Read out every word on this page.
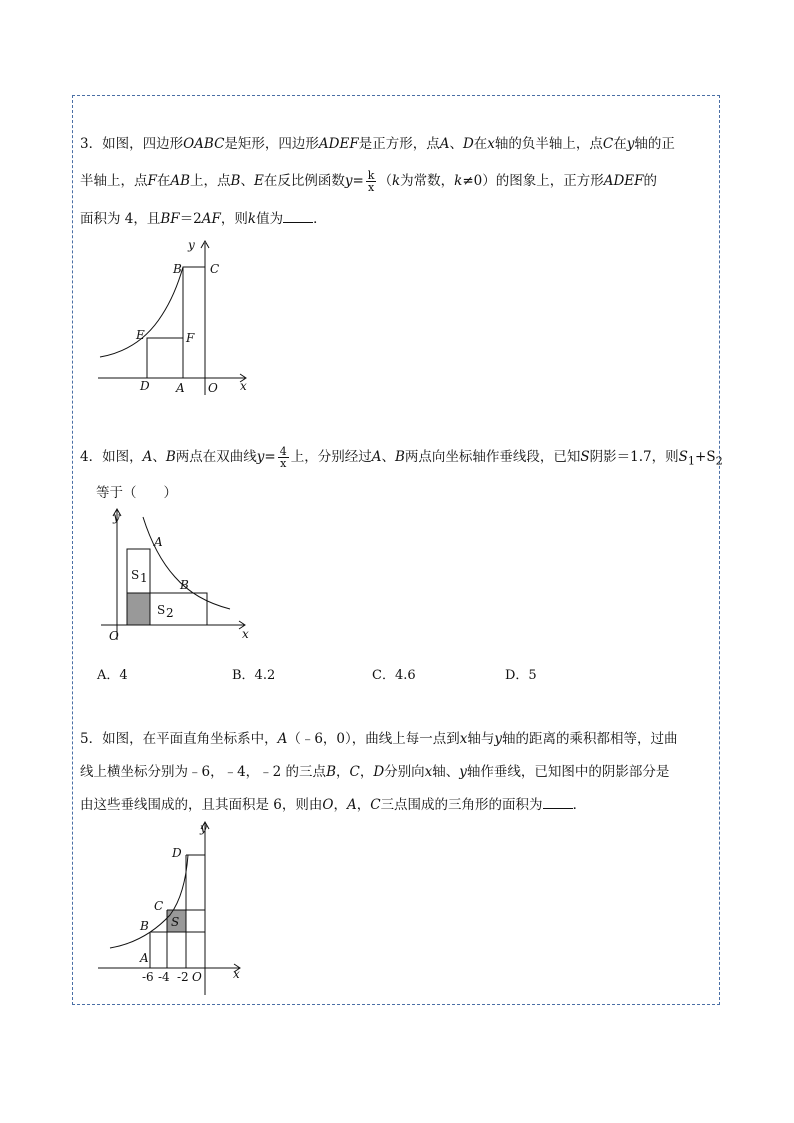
3．如图，四边形OABC是矩形，四边形ADEF是正方形，点A、D在x轴的负半轴上，点C在y轴的正
半轴上，点F在AB上，点B、E在反比例函数$y= \frac{k}{x} (k$为常数，k≠0）的图象上，正方形ADEF的
面积为 4，且BF＝2AF，则k值为 ．
y
B C
E	F
D A O x
4．如图，A、B两点在双曲线$y= \frac{4}{x}$ 上，分别经过A、B两点向坐标轴作垂线段，已知S阴影＝1.7，则$S_1+S_2$
等于（　　）
y
A
S 1	B
S 2
O	x
A．4	B．4.2	C．4.6	D．5
5．如图，在平面直角坐标系中，A（﹣6，0），曲线上每一点到x轴与y轴的距离的乘积都相等，过曲
线上横坐标分别为﹣6，﹣4，﹣2 的三点B，C，D分别向x轴、y轴作垂线，已知图中的阴影部分是
由这些垂线围成的，且其面积是 6，则由O，A，C三点围成的三角形的面积为 ．
y
D
C
S
B
A
-6 -4 -2 O	x
